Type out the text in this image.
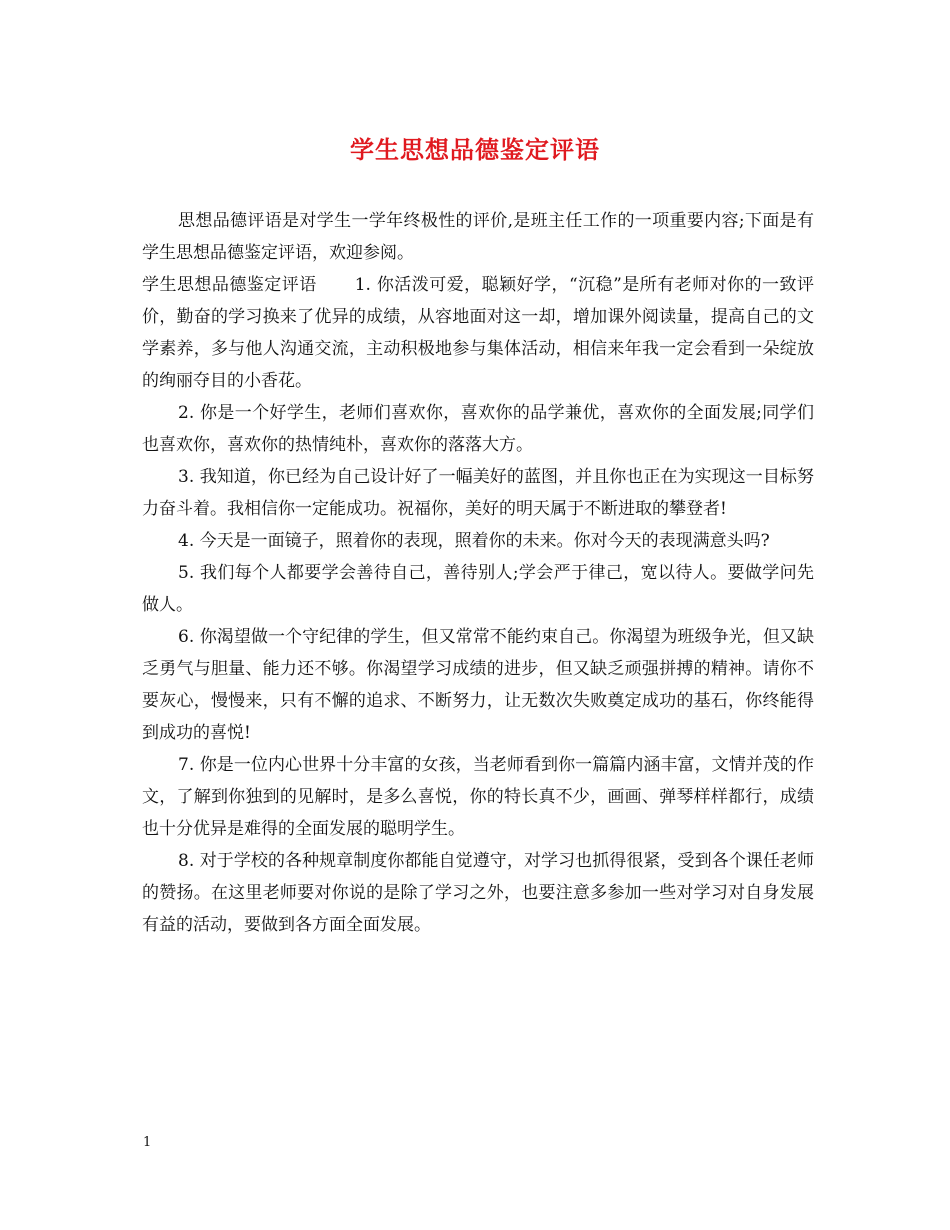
学生思想品德鉴定评语

思想品德评语是对学生一学年终极性的评价,是班主任工作的一项重要内容;下面是有学生思想品德鉴定评语，欢迎参阅。

学生思想品德鉴定评语 1. 你活泼可爱，聪颖好学，“沉稳”是所有老师对你的一致评价，勤奋的学习换来了优异的成绩，从容地面对这一却，增加课外阅读量，提高自己的文学素养，多与他人沟通交流，主动积极地参与集体活动，相信来年我一定会看到一朵绽放的绚丽夺目的小香花。

2. 你是一个好学生，老师们喜欢你，喜欢你的品学兼优，喜欢你的全面发展;同学们也喜欢你，喜欢你的热情纯朴，喜欢你的落落大方。

3. 我知道，你已经为自己设计好了一幅美好的蓝图，并且你也正在为实现这一目标努力奋斗着。我相信你一定能成功。祝福你，美好的明天属于不断进取的攀登者!

4. 今天是一面镜子，照着你的表现，照着你的未来。你对今天的表现满意头吗?

5. 我们每个人都要学会善待自己，善待别人;学会严于律己，宽以待人。要做学问先做人。

6. 你渴望做一个守纪律的学生，但又常常不能约束自己。你渴望为班级争光，但又缺乏勇气与胆量、能力还不够。你渴望学习成绩的进步，但又缺乏顽强拼搏的精神。请你不要灰心，慢慢来，只有不懈的追求、不断努力，让无数次失败奠定成功的基石，你终能得到成功的喜悦!

7. 你是一位内心世界十分丰富的女孩，当老师看到你一篇篇内涵丰富，文情并茂的作文，了解到你独到的见解时，是多么喜悦，你的特长真不少，画画、弹琴样样都行，成绩也十分优异是难得的全面发展的聪明学生。

8. 对于学校的各种规章制度你都能自觉遵守，对学习也抓得很紧，受到各个课任老师的赞扬。在这里老师要对你说的是除了学习之外，也要注意多参加一些对学习对自身发展有益的活动，要做到各方面全面发展。

1
